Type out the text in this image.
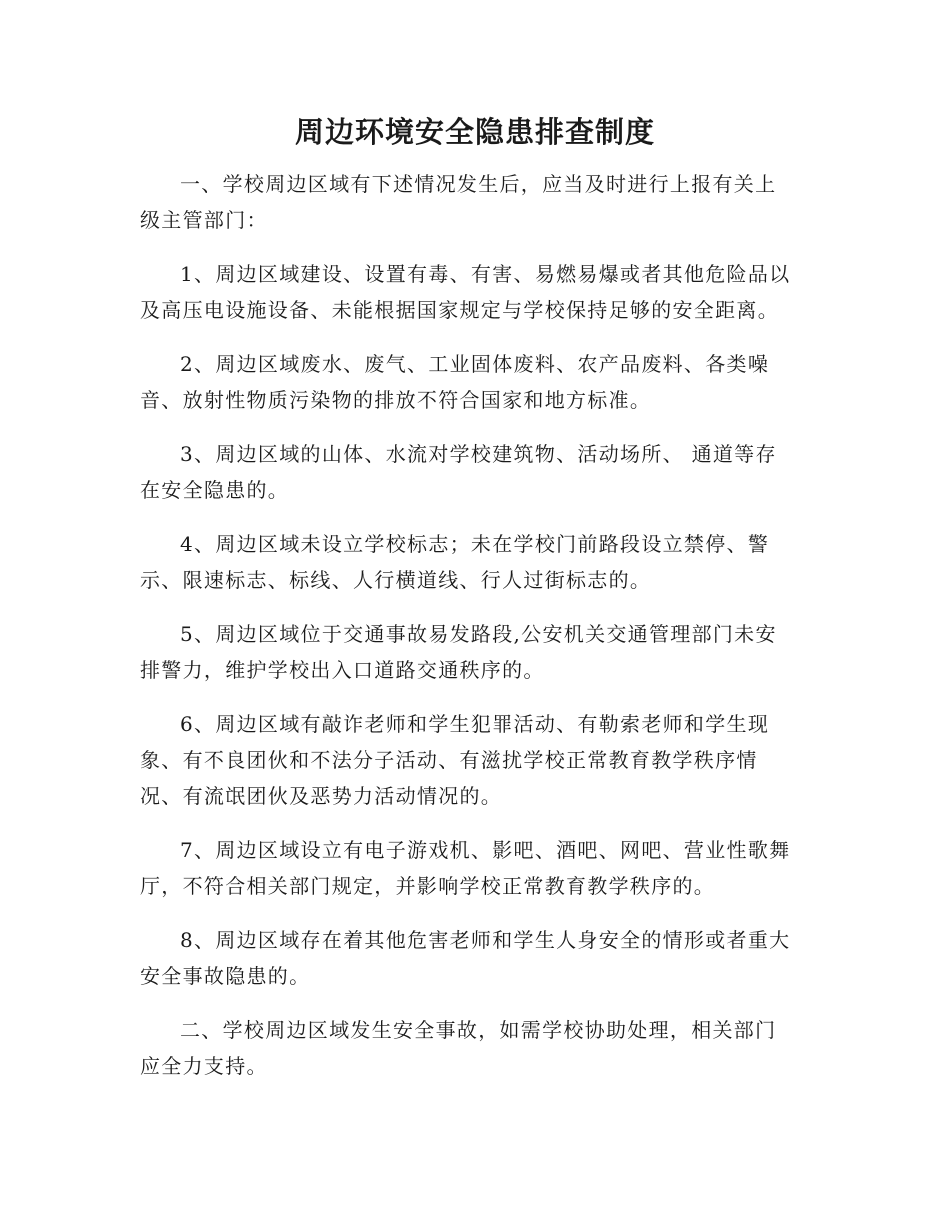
周边环境安全隐患排查制度

一、学校周边区域有下述情况发生后，应当及时进行上报有关上
级主管部门：

1、周边区域建设、设置有毒、有害、易燃易爆或者其他危险品以
及高压电设施设备、未能根据国家规定与学校保持足够的安全距离。

2、周边区域废水、废气、工业固体废料、农产品废料、各类噪
音、放射性物质污染物的排放不符合国家和地方标准。

3、周边区域的山体、水流对学校建筑物、活动场所、 通道等存
在安全隐患的。

4、周边区域未设立学校标志；未在学校门前路段设立禁停、警
示、限速标志、标线、人行横道线、行人过街标志的。

5、周边区域位于交通事故易发路段,公安机关交通管理部门未安
排警力，维护学校出入口道路交通秩序的。

6、周边区域有敲诈老师和学生犯罪活动、有勒索老师和学生现
象、有不良团伙和不法分子活动、有滋扰学校正常教育教学秩序情
况、有流氓团伙及恶势力活动情况的。

7、周边区域设立有电子游戏机、影吧、酒吧、网吧、营业性歌舞
厅，不符合相关部门规定，并影响学校正常教育教学秩序的。

8、周边区域存在着其他危害老师和学生人身安全的情形或者重大
安全事故隐患的。

二、学校周边区域发生安全事故，如需学校协助处理，相关部门
应全力支持。
